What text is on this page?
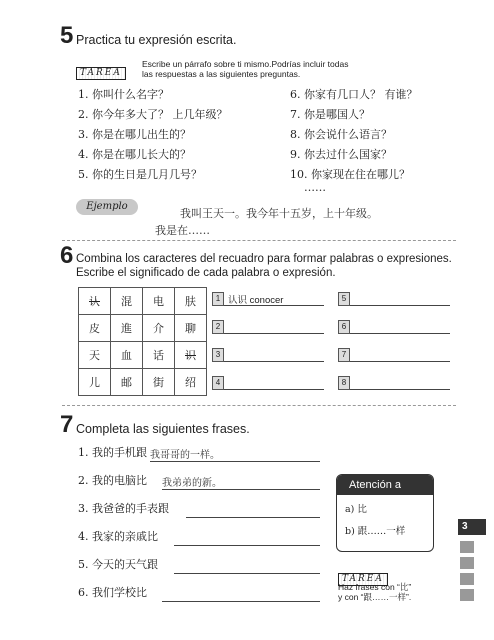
5 Practica tu expresión escrita.
TAREA
Escribe un párrafo sobre ti mismo.Podrías incluir todas
las respuestas a las siguientes preguntas.
1. 你叫什么名字？
2. 你今年多大了？ 上几年级？
3. 你是在哪儿出生的？
4. 你是在哪儿长大的？
5. 你的生日是几月几号？
6. 你家有几口人？ 有谁？
7. 你是哪国人？
8. 你会说什么语言？
9. 你去过什么国家？
10. 你家现在住在哪儿？
……
Ejemplo
我叫王天一。我今年十五岁，上十年级。
我是在……
6 Combina los caracteres del recuadro para formar palabras o expresiones.
Escribe el significado de cada palabra o expresión.
认	混	电	肤
皮	進	介	聊
天	血	话	识
儿	邮	街	绍
1 认识 conocer
2
3
4
5
6
7
8
7 Completa las siguientes frases.
1. 我的手机跟 我哥哥的一样。
2. 我的电脑比 我弟弟的新。
3. 我爸爸的手表跟
4. 我家的亲戚比
5. 今天的天气跟
6. 我们学校比
Atención a
a) 比
b) 跟……一样
TAREA
Haz frases con “比”
y con “跟……一样”.
3
